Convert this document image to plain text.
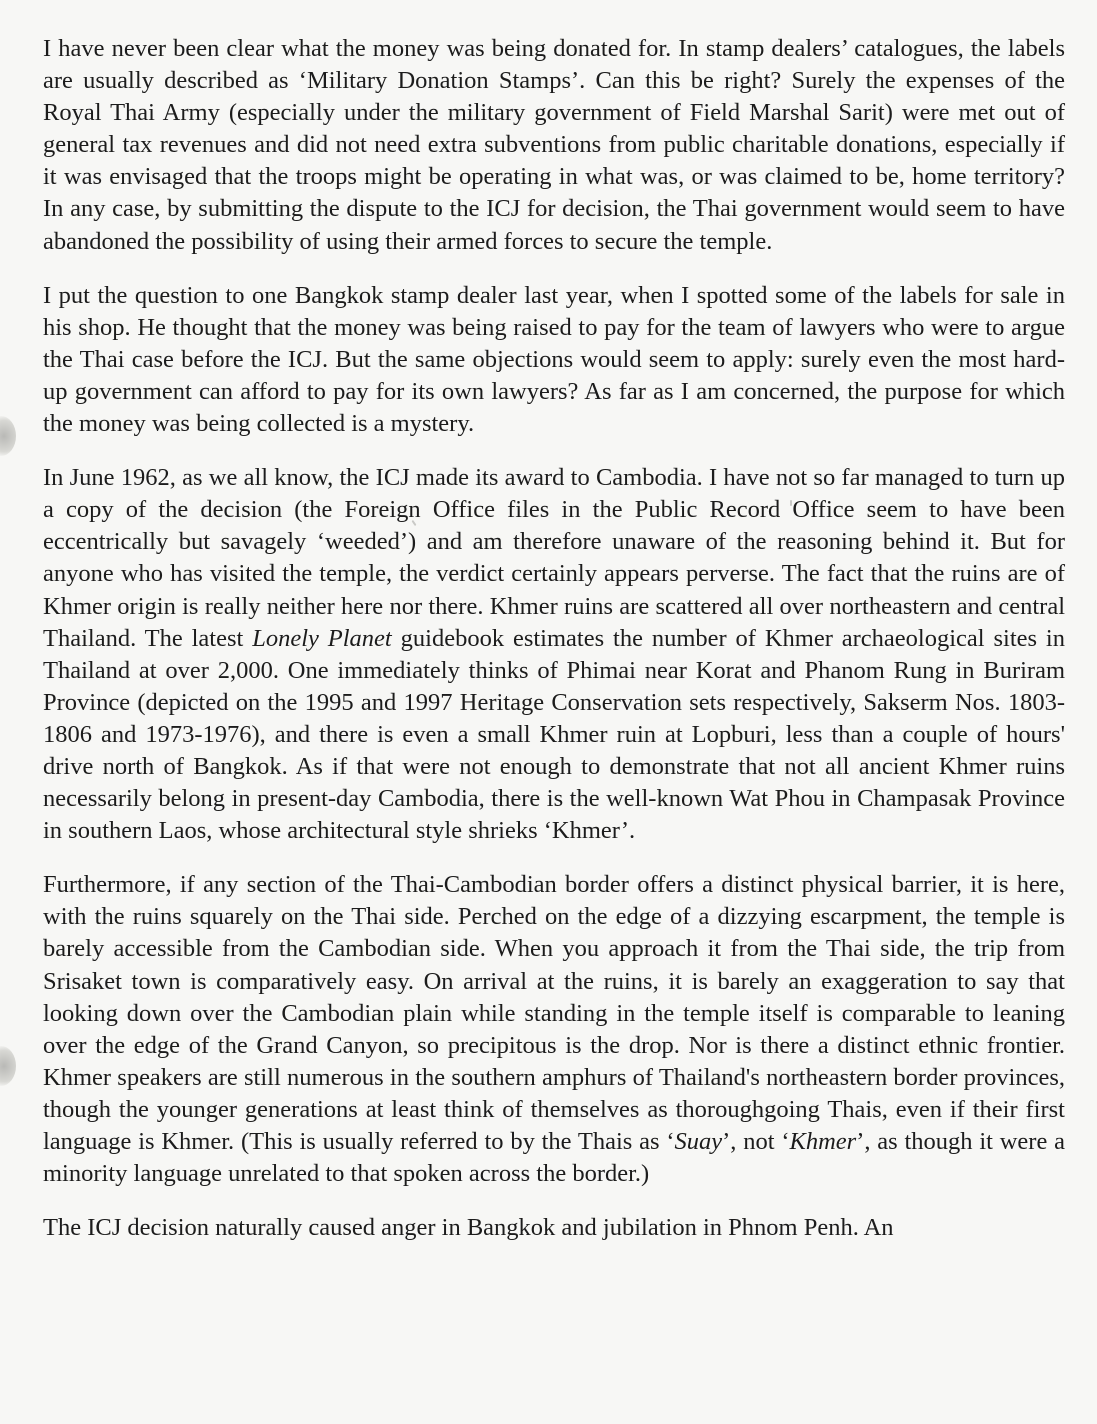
I have never been clear what the money was being donated for. In stamp dealers’ catalogues, the labels are usually described as ‘Military Donation Stamps’. Can this be right? Surely the expenses of the Royal Thai Army (especially under the military government of Field Marshal Sarit) were met out of general tax revenues and did not need extra subventions from public charitable donations, especially if it was envisaged that the troops might be operating in what was, or was claimed to be, home territory? In any case, by submitting the dispute to the ICJ for decision, the Thai government would seem to have abandoned the possibility of using their armed forces to secure the temple.

I put the question to one Bangkok stamp dealer last year, when I spotted some of the labels for sale in his shop. He thought that the money was being raised to pay for the team of lawyers who were to argue the Thai case before the ICJ. But the same objections would seem to apply: surely even the most hard-up government can afford to pay for its own lawyers? As far as I am concerned, the purpose for which the money was being collected is a mystery.

In June 1962, as we all know, the ICJ made its award to Cambodia. I have not so far managed to turn up a copy of the decision (the Foreign Office files in the Public Record Office seem to have been eccentrically but savagely ‘weeded’) and am therefore unaware of the reasoning behind it. But for anyone who has visited the temple, the verdict certainly appears perverse. The fact that the ruins are of Khmer origin is really neither here nor there. Khmer ruins are scattered all over northeastern and central Thailand. The latest Lonely Planet guidebook estimates the number of Khmer archaeological sites in Thailand at over 2,000. One immediately thinks of Phimai near Korat and Phanom Rung in Buriram Province (depicted on the 1995 and 1997 Heritage Conservation sets respectively, Sakserm Nos. 1803-1806 and 1973-1976), and there is even a small Khmer ruin at Lopburi, less than a couple of hours' drive north of Bangkok. As if that were not enough to demonstrate that not all ancient Khmer ruins necessarily belong in present-day Cambodia, there is the well-known Wat Phou in Champasak Province in southern Laos, whose architectural style shrieks ‘Khmer’.

Furthermore, if any section of the Thai-Cambodian border offers a distinct physical barrier, it is here, with the ruins squarely on the Thai side. Perched on the edge of a dizzying escarpment, the temple is barely accessible from the Cambodian side. When you approach it from the Thai side, the trip from Srisaket town is comparatively easy. On arrival at the ruins, it is barely an exaggeration to say that looking down over the Cambodian plain while standing in the temple itself is comparable to leaning over the edge of the Grand Canyon, so precipitous is the drop. Nor is there a distinct ethnic frontier. Khmer speakers are still numerous in the southern amphurs of Thailand's northeastern border provinces, though the younger generations at least think of themselves as thoroughgoing Thais, even if their first language is Khmer. (This is usually referred to by the Thais as ‘Suay’, not ‘Khmer’, as though it were a minority language unrelated to that spoken across the border.)

The ICJ decision naturally caused anger in Bangkok and jubilation in Phnom Penh. An
